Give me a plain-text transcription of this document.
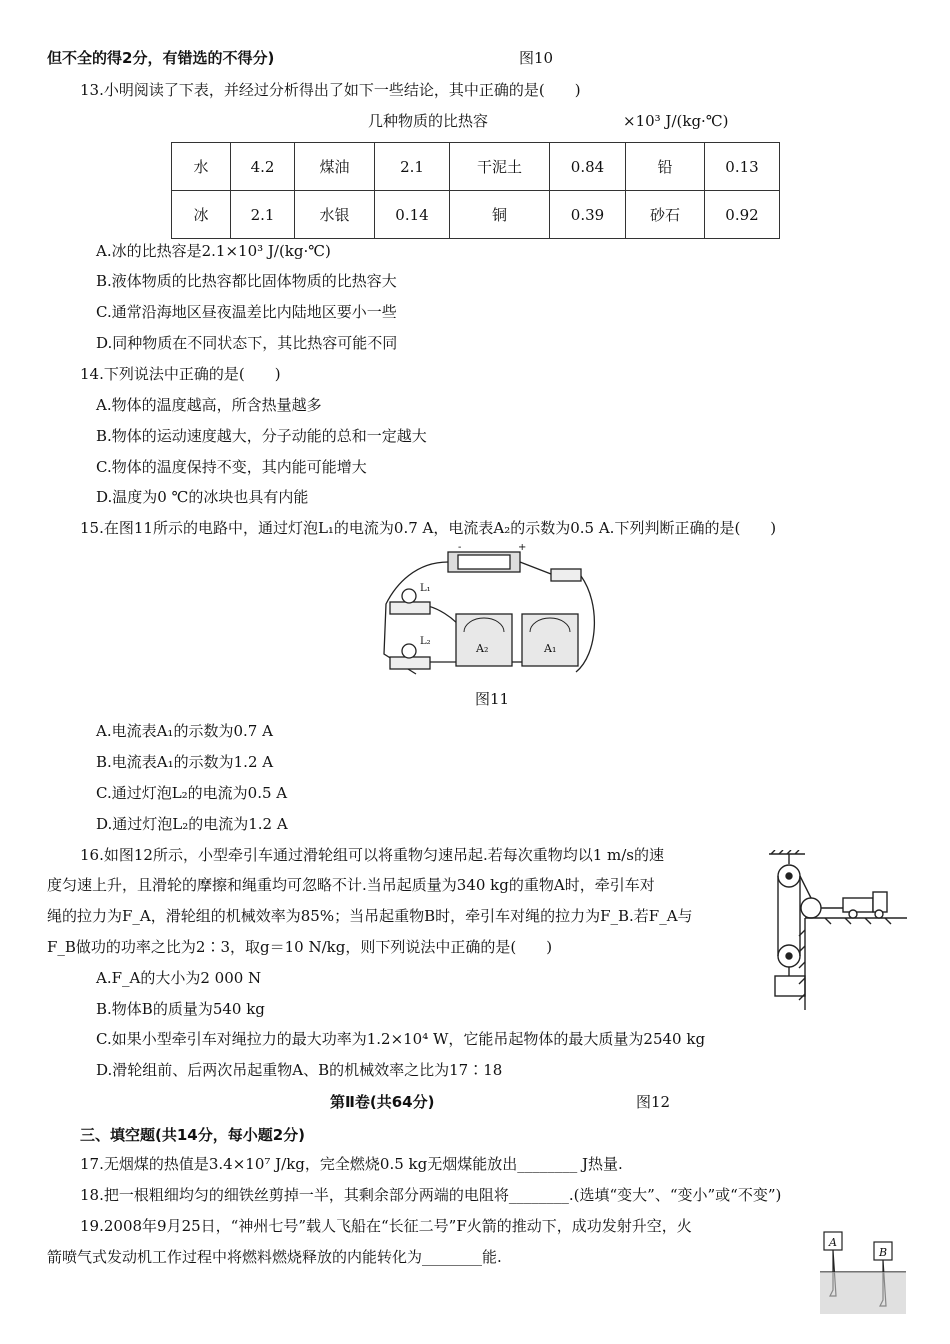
但不全的得2分，有错选的不得分)	图10
13.小明阅读了下表，并经过分析得出了如下一些结论，其中正确的是(　　)
几种物质的比热容	×10³ J/(kg·℃)
水	4.2	煤油	2.1	干泥土	0.84	铅	0.13
冰	2.1	水银	0.14	铜	0.39	砂石	0.92
A.冰的比热容是2.1×10³ J/(kg·℃)
B.液体物质的比热容都比固体物质的比热容大
C.通常沿海地区昼夜温差比内陆地区要小一些
D.同种物质在不同状态下，其比热容可能不同
14.下列说法中正确的是(　　)
A.物体的温度越高，所含热量越多
B.物体的运动速度越大，分子动能的总和一定越大
C.物体的温度保持不变，其内能可能增大
D.温度为0 ℃的冰块也具有内能
15.在图11所示的电路中，通过灯泡L₁的电流为0.7 A，电流表A₂的示数为0.5 A.下列判断正确的是(　　)
L₁
L₂
A₂	A₁
-	+
图11
A.电流表A₁的示数为0.7 A
B.电流表A₁的示数为1.2 A
C.通过灯泡L₂的电流为0.5 A
D.通过灯泡L₂的电流为1.2 A
16.如图12所示，小型牵引车通过滑轮组可以将重物匀速吊起.若每次重物均以1 m/s的速
度匀速上升，且滑轮的摩擦和绳重均可忽略不计.当吊起质量为340 kg的重物A时，牵引车对
绳的拉力为F_A，滑轮组的机械效率为85%；当吊起重物B时，牵引车对绳的拉力为F_B.若F_A与
F_B做功的功率之比为2∶3，取g＝10 N/kg，则下列说法中正确的是(　　)
A.F_A的大小为2 000 N
B.物体B的质量为540 kg
C.如果小型牵引车对绳拉力的最大功率为1.2×10⁴ W，它能吊起物体的最大质量为2540 kg
D.滑轮组前、后两次吊起重物A、B的机械效率之比为17∶18
第Ⅱ卷(共64分)	图12
三、填空题(共14分，每小题2分)
17.无烟煤的热值是3.4×10⁷ J/kg，完全燃烧0.5 kg无烟煤能放出________ J热量.
18.把一根粗细均匀的细铁丝剪掉一半，其剩余部分两端的电阻将________.(选填“变大”、“变小”或“不变”)
19.2008年9月25日，“神州七号”载人飞船在“长征二号”F火箭的推动下，成功发射升空，火
箭喷气式发动机工作过程中将燃料燃烧释放的内能转化为________能.
A
B
